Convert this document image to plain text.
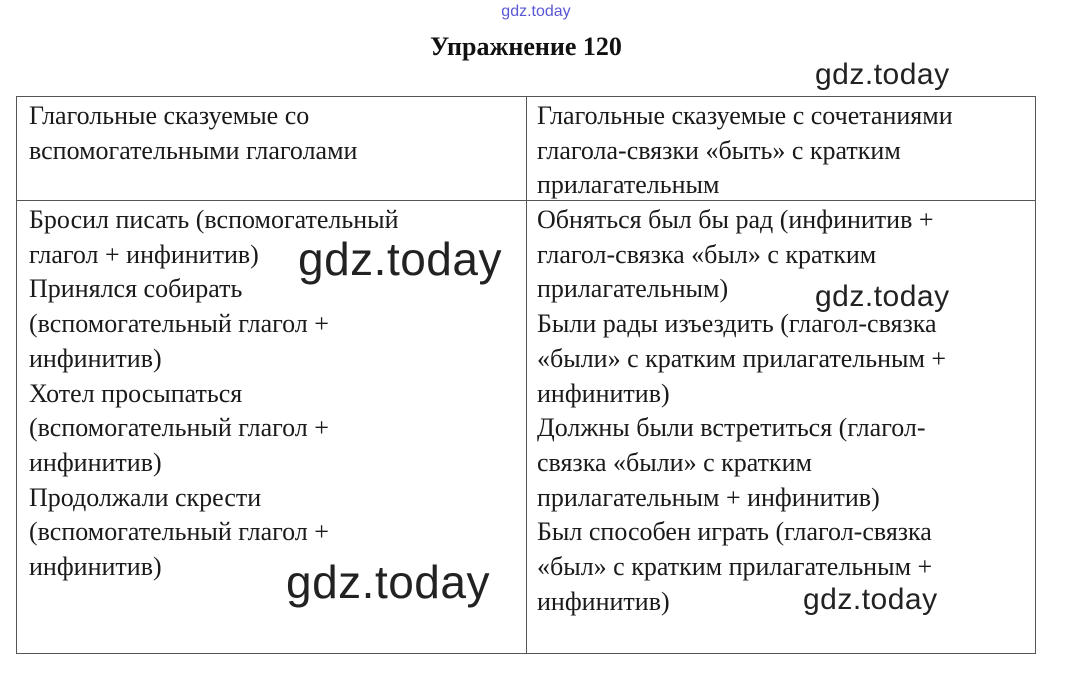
gdz.today
Упражнение 120
Глагольные сказуемые со
вспомогательными глаголами
Глагольные сказуемые с сочетаниями
глагола-связки «быть» с кратким
прилагательным
Бросил писать (вспомогательный
глагол + инфинитив)
Принялся собирать
(вспомогательный глагол +
инфинитив)
Хотел просыпаться
(вспомогательный глагол +
инфинитив)
Продолжали скрести
(вспомогательный глагол +
инфинитив)
Обняться был бы рад (инфинитив +
глагол-связка «был» с кратким
прилагательным)
Были рады изъездить (глагол-связка
«были» с кратким прилагательным +
инфинитив)
Должны были встретиться (глагол-
связка «были» с кратким
прилагательным + инфинитив)
Был способен играть (глагол-связка
«был» с кратким прилагательным +
инфинитив)
gdz.today
gdz.today
gdz.today
gdz.today	gdz.today
